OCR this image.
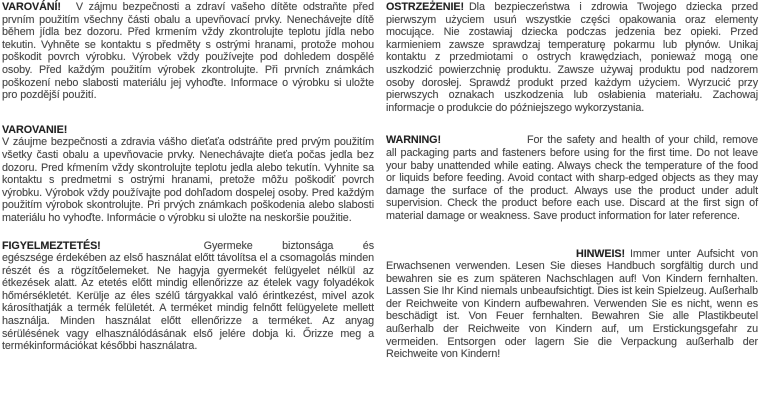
VAROVÁNÍ! V zájmu bezpečnosti a zdraví vašeho dítěte odstraňte před prvním použitím všechny části obalu a upevňovací prvky. Nenechávejte dítě během jídla bez dozoru. Před krmením vždy zkontrolujte teplotu jídla nebo tekutin. Vyhněte se kontaktu s předměty s ostrými hranami, protože mohou poškodit povrch výrobku. Výrobek vždy používejte pod dohledem dospělé osoby. Před každým použitím výrobek zkontrolujte. Při prvních známkách poškození nebo slabosti materiálu jej vyhoďte. Informace o výrobku si uložte pro pozdější použití.

VAROVANIE!
V záujme bezpečnosti a zdravia vášho dieťaťa odstráňte pred prvým použitím všetky časti obalu a upevňovacie prvky. Nenechávajte dieťa počas jedla bez dozoru. Pred kŕmením vždy skontrolujte teplotu jedla alebo tekutín. Vyhnite sa kontaktu s predmetmi s ostrými hranami, pretože môžu poškodiť povrch výrobku. Výrobok vždy používajte pod dohľadom dospelej osoby. Pred každým použitím výrobok skontrolujte. Pri prvých známkach poškodenia alebo slabosti materiálu ho vyhoďte. Informácie o výrobku si uložte na neskoršie použitie.

FIGYELMEZTETÉS!	Gyermeke biztonsága és egészsége érdekében az első használat előtt távolítsa el a csomagolás minden részét és a rögzítőelemeket. Ne hagyja gyermekét felügyelet nélkül az étkezések alatt. Az etetés előtt mindig ellenőrizze az ételek vagy folyadékok hőmérsékletét. Kerülje az éles szélű tárgyakkal való érintkezést, mivel azok károsíthatják a termék felületét. A terméket mindig felnőtt felügyelete mellett használja. Minden használat előtt ellenőrizze a terméket. Az anyag sérülésének vagy elhasználódásának első jelére dobja ki. Őrizze meg a termékinformációkat későbbi használatra.

OSTRZEŻENIE! Dla bezpieczeństwa i zdrowia Twojego dziecka przed pierwszym użyciem usuń wszystkie części opakowania oraz elementy mocujące. Nie zostawiaj dziecka podczas jedzenia bez opieki. Przed karmieniem zawsze sprawdzaj temperaturę pokarmu lub płynów. Unikaj kontaktu z przedmiotami o ostrych krawędziach, ponieważ mogą one uszkodzić powierzchnię produktu. Zawsze używaj produktu pod nadzorem osoby dorosłej. Sprawdź produkt przed każdym użyciem. Wyrzucić przy pierwszych oznakach uszkodzenia lub osłabienia materiału. Zachowaj informacje o produkcie do późniejszego wykorzystania.

WARNING!	For the safety and health of your child, remove all packaging parts and fasteners before using for the first time. Do not leave your baby unattended while eating. Always check the temperature of the food or liquids before feeding. Avoid contact with sharp-edged objects as they may damage the surface of the product. Always use the product under adult supervision. Check the product before each use. Discard at the first sign of material damage or weakness. Save product information for later reference.

HINWEIS! Immer unter Aufsicht von Erwachsenen verwenden. Lesen Sie dieses Handbuch sorgfältig durch und bewahren sie es zum späteren Nachschlagen auf! Von Kindern fernhalten. Lassen Sie Ihr Kind niemals unbeaufsichtigt. Dies ist kein Spielzeug. Außerhalb der Reichweite von Kindern aufbewahren. Verwenden Sie es nicht, wenn es beschädigt ist. Von Feuer fernhalten. Bewahren Sie alle Plastikbeutel außerhalb der Reichweite von Kindern auf, um Erstickungsgefahr zu vermeiden. Entsorgen oder lagern Sie die Verpackung außerhalb der Reichweite von Kindern!
